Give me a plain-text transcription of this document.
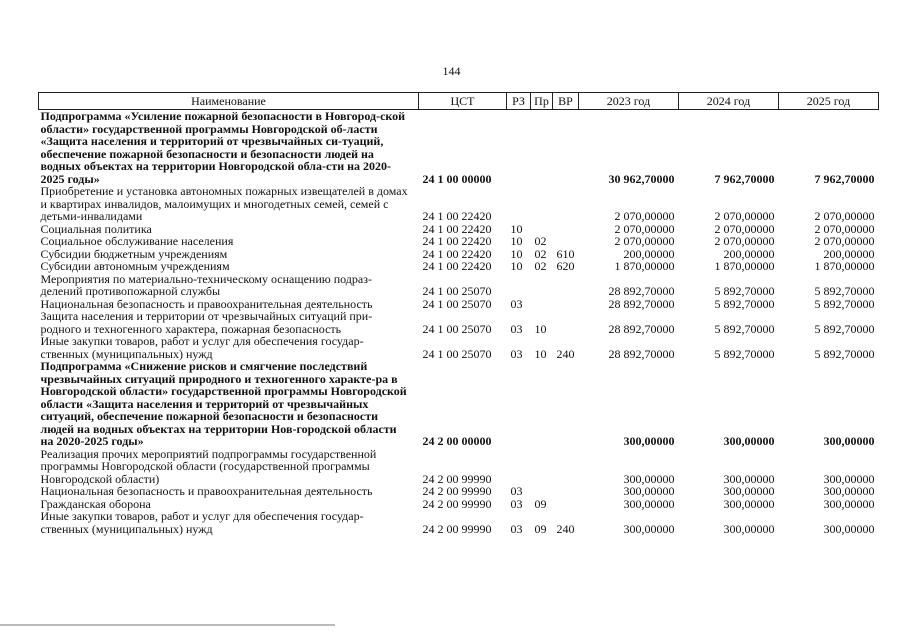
144
Наименование	ЦСТ	РЗ	Пр	ВР	2023 год	2024 год	2025 год
Подпрограмма «Усиление пожарной безопасности в Новгород-ской области» государственной программы Новгородской об-ласти «Защита населения и территорий от чрезвычайных си-туаций, обеспечение пожарной безопасности и безопасности людей на водных объектах на территории Новгородской обла-сти на 2020-2025 годы»	24 1 00 00000				30 962,70000	7 962,70000	7 962,70000
Приобретение и установка автономных пожарных извещателей в домах и квартирах инвалидов, малоимущих и многодетных семей, семей с детьми-инвалидами	24 1 00 22420				2 070,00000	2 070,00000	2 070,00000
Социальная политика	24 1 00 22420	10			2 070,00000	2 070,00000	2 070,00000
Социальное обслуживание населения	24 1 00 22420	10	02		2 070,00000	2 070,00000	2 070,00000
Субсидии бюджетным учреждениям	24 1 00 22420	10	02	610	200,00000	200,00000	200,00000
Субсидии автономным учреждениям	24 1 00 22420	10	02	620	1 870,00000	1 870,00000	1 870,00000
Мероприятия по материально-техническому оснащению подраз-делений противопожарной службы	24 1 00 25070				28 892,70000	5 892,70000	5 892,70000
Национальная безопасность и правоохранительная деятельность	24 1 00 25070	03			28 892,70000	5 892,70000	5 892,70000
Защита населения и территории от чрезвычайных ситуаций при-родного и техногенного характера, пожарная безопасность	24 1 00 25070	03	10		28 892,70000	5 892,70000	5 892,70000
Иные закупки товаров, работ и услуг для обеспечения государ-ственных (муниципальных) нужд	24 1 00 25070	03	10	240	28 892,70000	5 892,70000	5 892,70000
Подпрограмма «Снижение рисков и смягчение последствий чрезвычайных ситуаций природного и техногенного характе-ра в Новгородской области» государственной программы Новгородской области «Защита населения и территорий от чрезвычайных ситуаций, обеспечение пожарной безопасности и безопасности людей на водных объектах на территории Нов-городской области на 2020-2025 годы»	24 2 00 00000				300,00000	300,00000	300,00000
Реализация прочих мероприятий подпрограммы государственной программы Новгородской области (государственной программы Новгородской области)	24 2 00 99990				300,00000	300,00000	300,00000
Национальная безопасность и правоохранительная деятельность	24 2 00 99990	03			300,00000	300,00000	300,00000
Гражданская оборона	24 2 00 99990	03	09		300,00000	300,00000	300,00000
Иные закупки товаров, работ и услуг для обеспечения государ-ственных (муниципальных) нужд	24 2 00 99990	03	09	240	300,00000	300,00000	300,00000
